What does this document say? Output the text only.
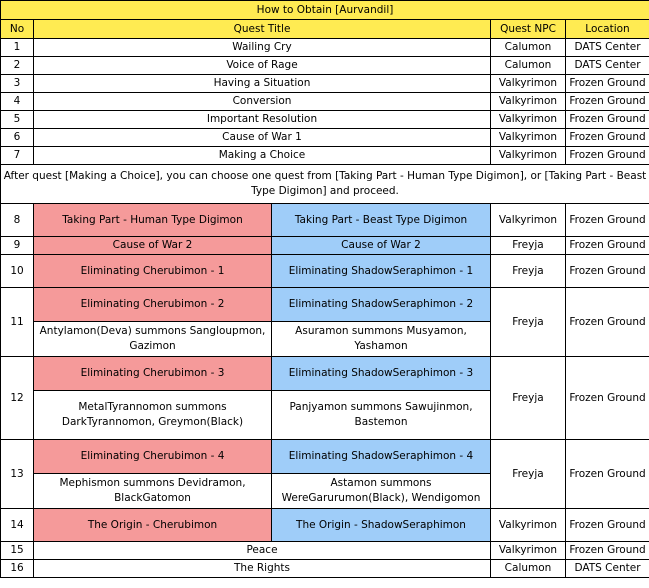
How to Obtain [Aurvandil]				
No	Quest Title		Quest NPC	Location
1	Wailing Cry		Calumon	DATS Center
2	Voice of Rage		Calumon	DATS Center
3	Having a Situation		Valkyrimon	Frozen Ground
4	Conversion		Valkyrimon	Frozen Ground
5	Important Resolution		Valkyrimon	Frozen Ground
6	Cause of War 1		Valkyrimon	Frozen Ground
7	Making a Choice		Valkyrimon	Frozen Ground
After quest [Making a Choice], you can choose one quest from [Taking Part - Human Type Digimon], or [Taking Part - Beast Type Digimon] and proceed.				
8	Taking Part - Human Type Digimon	Taking Part - Beast Type Digimon	Valkyrimon	Frozen Ground
9	Cause of War 2	Cause of War 2	Freyja	Frozen Ground
10	Eliminating Cherubimon - 1	Eliminating ShadowSeraphimon - 1	Freyja	Frozen Ground
11	Eliminating Cherubimon - 2	Eliminating ShadowSeraphimon - 2	Freyja	Frozen Ground
	Antylamon(Deva) summons Sangloupmon, Gazimon	Asuramon summons Musyamon, Yashamon		
12	Eliminating Cherubimon - 3	Eliminating ShadowSeraphimon - 3	Freyja	Frozen Ground
	MetalTyrannomon summons DarkTyrannomon, Greymon(Black)	Panjyamon summons Sawujinmon, Bastemon		
13	Eliminating Cherubimon - 4	Eliminating ShadowSeraphimon - 4	Freyja	Frozen Ground
	Mephismon summons Devidramon, BlackGatomon	Astamon summons WereGarurumon(Black), Wendigomon		
14	The Origin - Cherubimon	The Origin - ShadowSeraphimon	Valkyrimon	Frozen Ground
15	Peace		Valkyrimon	Frozen Ground
16	The Rights		Calumon	DATS Center
